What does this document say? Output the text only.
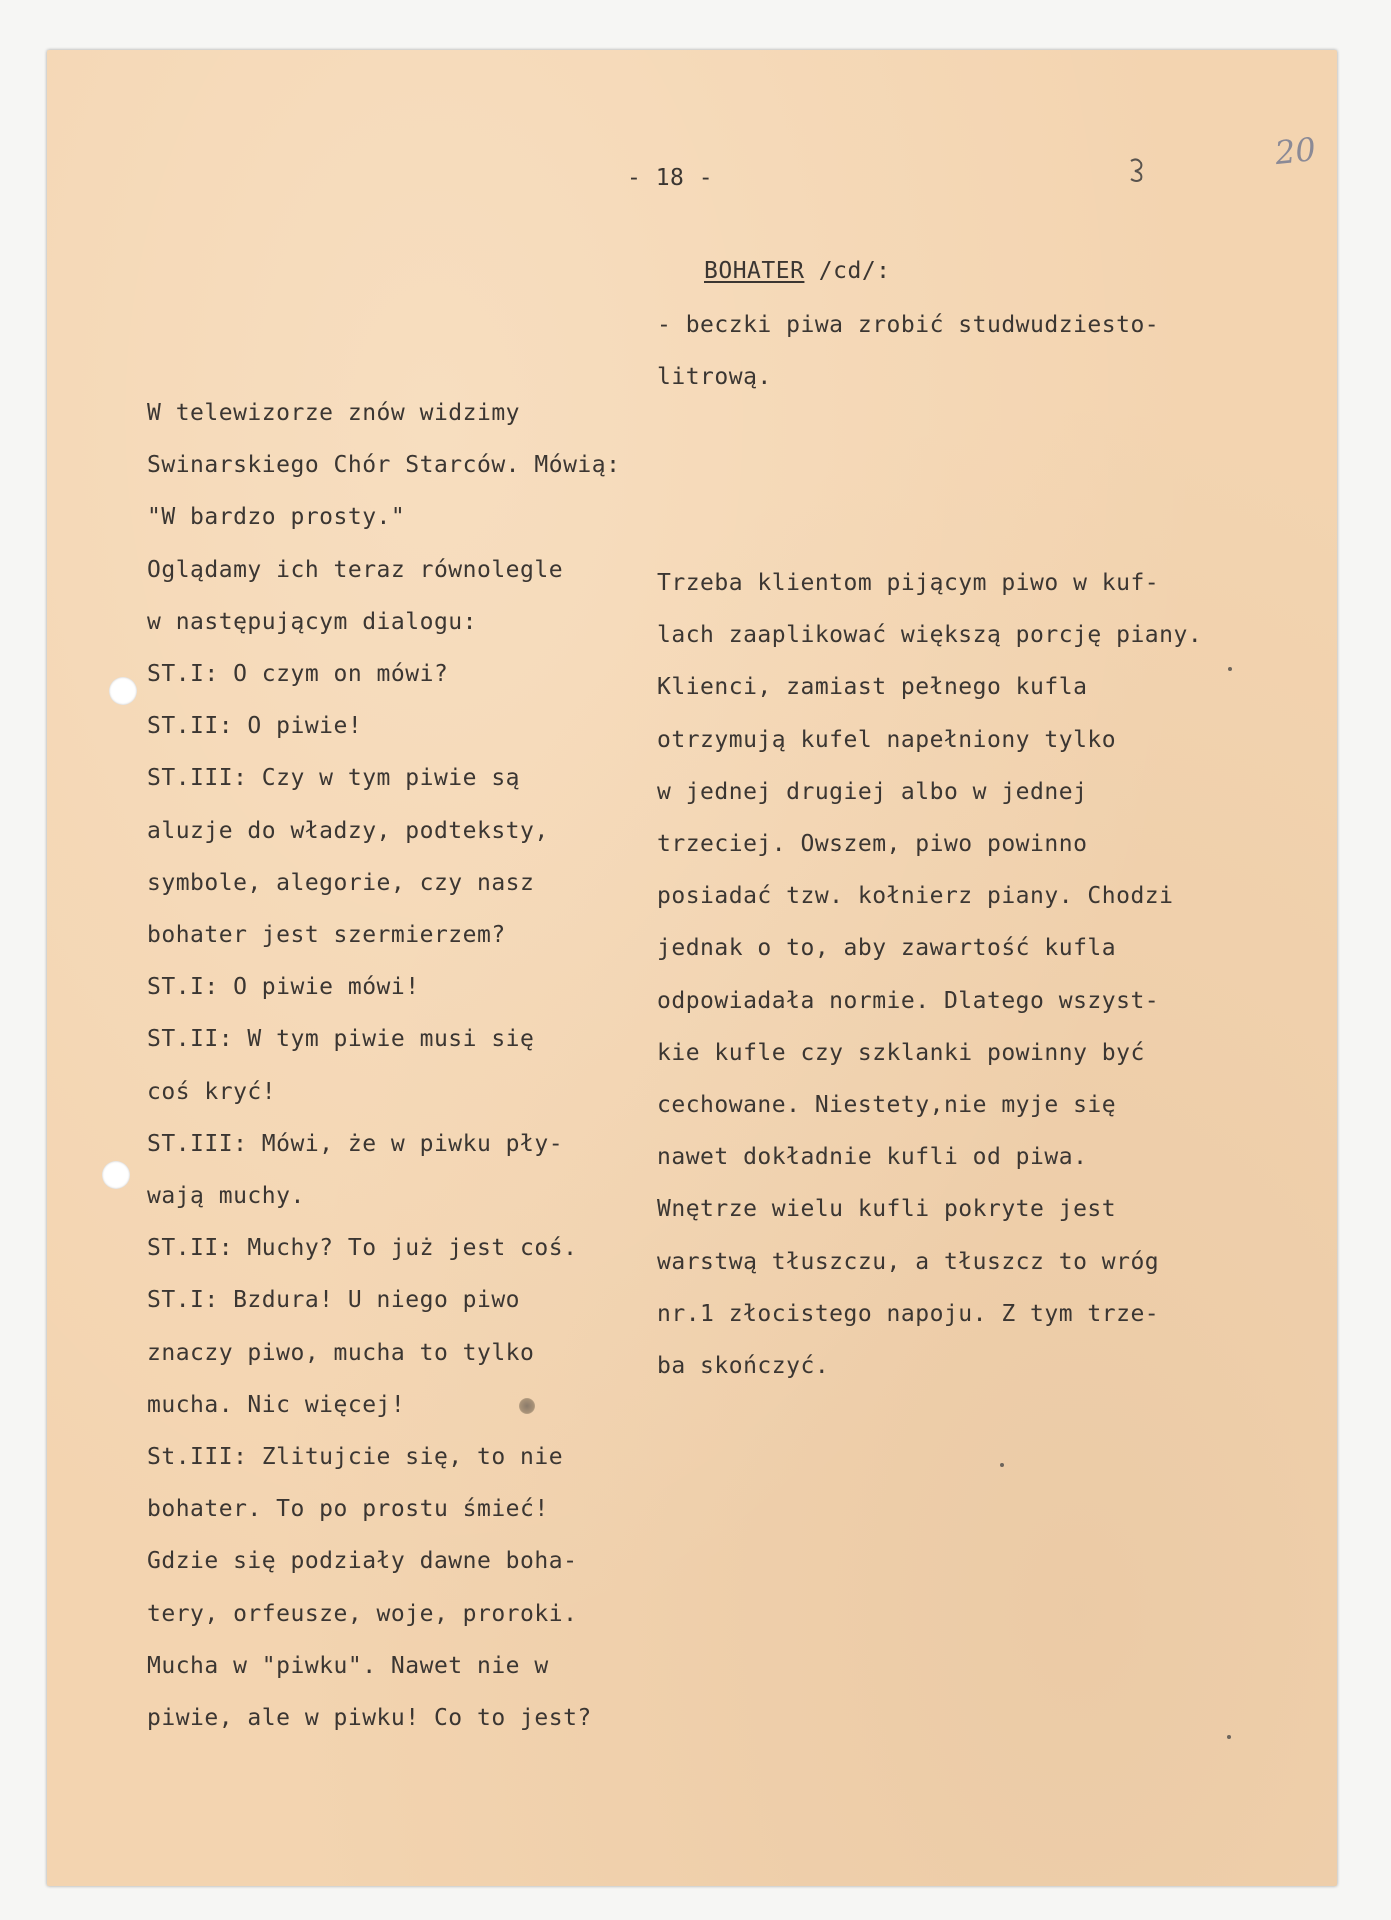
- 18 -
20
BOHATER /cd/:
- beczki piwa zrobić studwudziesto-
litrową.
W telewizorze znów widzimy
Swinarskiego Chór Starców. Mówią:
"W bardzo prosty."
Oglądamy ich teraz równolegle
w następującym dialogu:
ST.I: O czym on mówi?
ST.II: O piwie!
ST.III: Czy w tym piwie są
aluzje do władzy, podteksty,
symbole, alegorie, czy nasz
bohater jest szermierzem?
ST.I: O piwie mówi!
ST.II: W tym piwie musi się
coś kryć!
ST.III: Mówi, że w piwku pły-
wają muchy.
ST.II: Muchy? To już jest coś.
ST.I: Bzdura! U niego piwo
znaczy piwo, mucha to tylko
mucha. Nic więcej!
St.III: Zlitujcie się, to nie
bohater. To po prostu śmieć!
Gdzie się podziały dawne boha-
tery, orfeusze, woje, proroki.
Mucha w "piwku". Nawet nie w
piwie, ale w piwku! Co to jest?
Trzeba klientom pijącym piwo w kuf-
lach zaaplikować większą porcję piany.
Klienci, zamiast pełnego kufla
otrzymują kufel napełniony tylko
w jednej drugiej albo w jednej
trzeciej. Owszem, piwo powinno
posiadać tzw. kołnierz piany. Chodzi
jednak o to, aby zawartość kufla
odpowiadała normie. Dlatego wszyst-
kie kufle czy szklanki powinny być
cechowane. Niestety,nie myje się
nawet dokładnie kufli od piwa.
Wnętrze wielu kufli pokryte jest
warstwą tłuszczu, a tłuszcz to wróg
nr.1 złocistego napoju. Z tym trze-
ba skończyć.
